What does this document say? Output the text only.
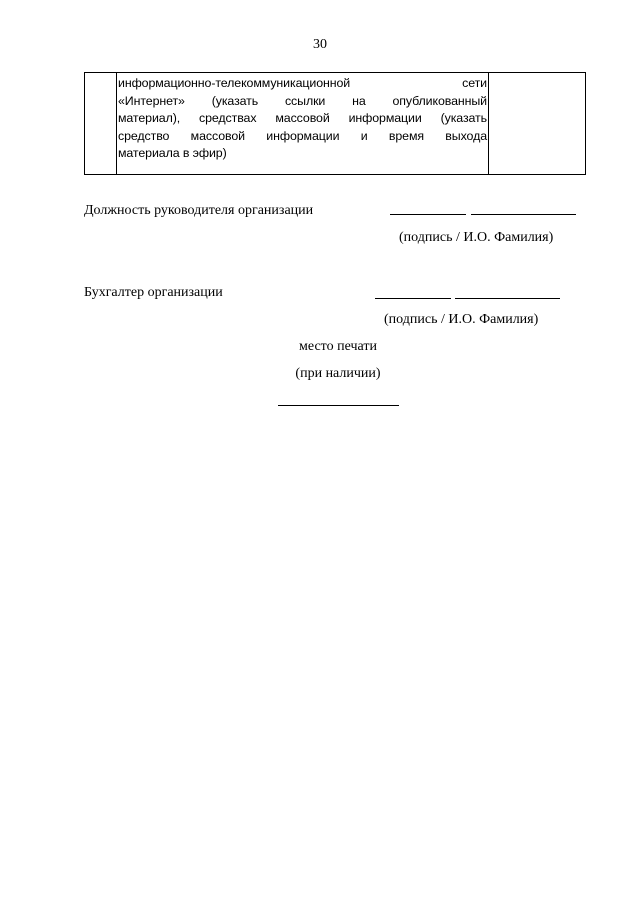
30
информационно-телекоммуникационной сети
«Интернет» (указать ссылки на опубликованный
материал), средствах массовой информации (указать
средство массовой информации и время выхода
материала в эфир)
Должность руководителя организации
(подпись / И.О. Фамилия)
Бухгалтер организации
(подпись / И.О. Фамилия)
место печати
(при наличии)
